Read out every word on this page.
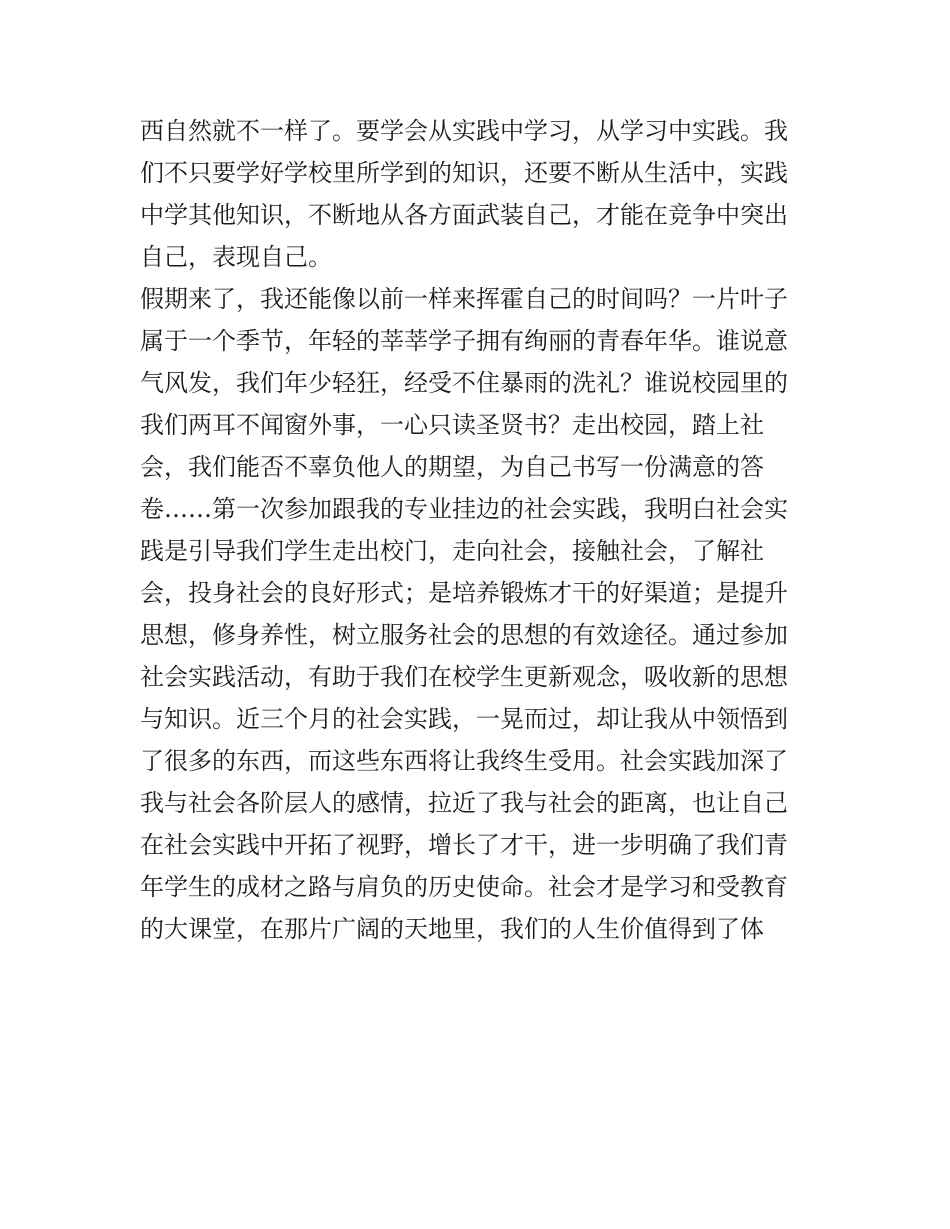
西自然就不一样了。要学会从实践中学习，从学习中实践。我
们不只要学好学校里所学到的知识，还要不断从生活中，实践
中学其他知识，不断地从各方面武装自己，才能在竞争中突出
自己，表现自己。
假期来了，我还能像以前一样来挥霍自己的时间吗？一片叶子
属于一个季节，年轻的莘莘学子拥有绚丽的青春年华。谁说意
气风发，我们年少轻狂，经受不住暴雨的洗礼？谁说校园里的
我们两耳不闻窗外事，一心只读圣贤书？走出校园，踏上社
会，我们能否不辜负他人的期望，为自己书写一份满意的答
卷……第一次参加跟我的专业挂边的社会实践，我明白社会实
践是引导我们学生走出校门，走向社会，接触社会，了解社
会，投身社会的良好形式；是培养锻炼才干的好渠道；是提升
思想，修身养性，树立服务社会的思想的有效途径。通过参加
社会实践活动，有助于我们在校学生更新观念，吸收新的思想
与知识。近三个月的社会实践，一晃而过，却让我从中领悟到
了很多的东西，而这些东西将让我终生受用。社会实践加深了
我与社会各阶层人的感情，拉近了我与社会的距离，也让自己
在社会实践中开拓了视野，增长了才干，进一步明确了我们青
年学生的成材之路与肩负的历史使命。社会才是学习和受教育
的大课堂，在那片广阔的天地里，我们的人生价值得到了体
